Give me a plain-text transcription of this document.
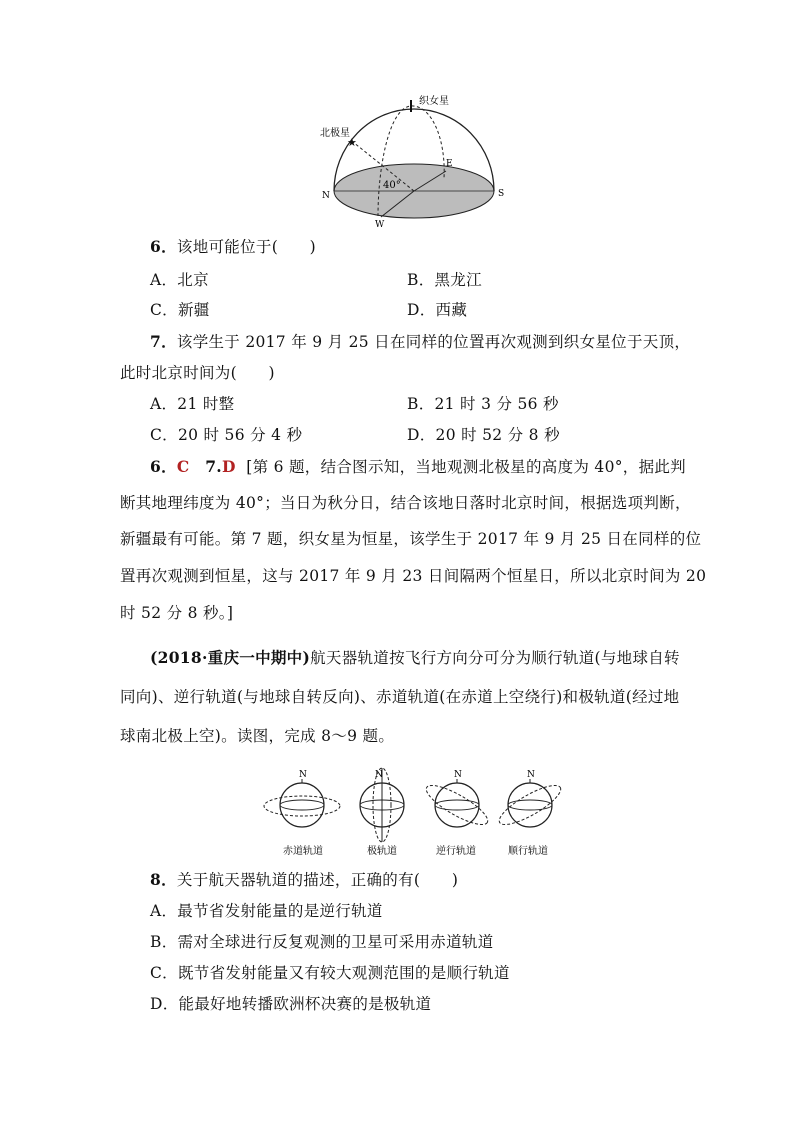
★
织女星
北极星
40°
N	S
E
W
6．该地可能位于(　　)
A．北京	B．黑龙江
C．新疆	D．西藏
7．该学生于 2017 年 9 月 25 日在同样的位置再次观测到织女星位于天顶，
此时北京时间为(　　)
A．21 时整	B．21 时 3 分 56 秒
C．20 时 56 分 4 秒	D．20 时 52 分 8 秒
6．C 7.D [第 6 题，结合图示知，当地观测北极星的高度为 40°，据此判
断其地理纬度为 40°；当日为秋分日，结合该地日落时北京时间，根据选项判断，
新疆最有可能。第 7 题，织女星为恒星，该学生于 2017 年 9 月 25 日在同样的位
置再次观测到恒星，这与 2017 年 9 月 23 日间隔两个恒星日，所以北京时间为 20
时 52 分 8 秒。]
(2018·重庆一中期中)航天器轨道按飞行方向分可分为顺行轨道(与地球自转
同向)、逆行轨道(与地球自转反向)、赤道轨道(在赤道上空绕行)和极轨道(经过地
球南北极上空)。读图，完成 8～9 题。
N
赤道轨道
N
极轨道
N
逆行轨道
N
顺行轨道
8．关于航天器轨道的描述，正确的有(　　)
A．最节省发射能量的是逆行轨道
B．需对全球进行反复观测的卫星可采用赤道轨道
C．既节省发射能量又有较大观测范围的是顺行轨道
D．能最好地转播欧洲杯决赛的是极轨道
